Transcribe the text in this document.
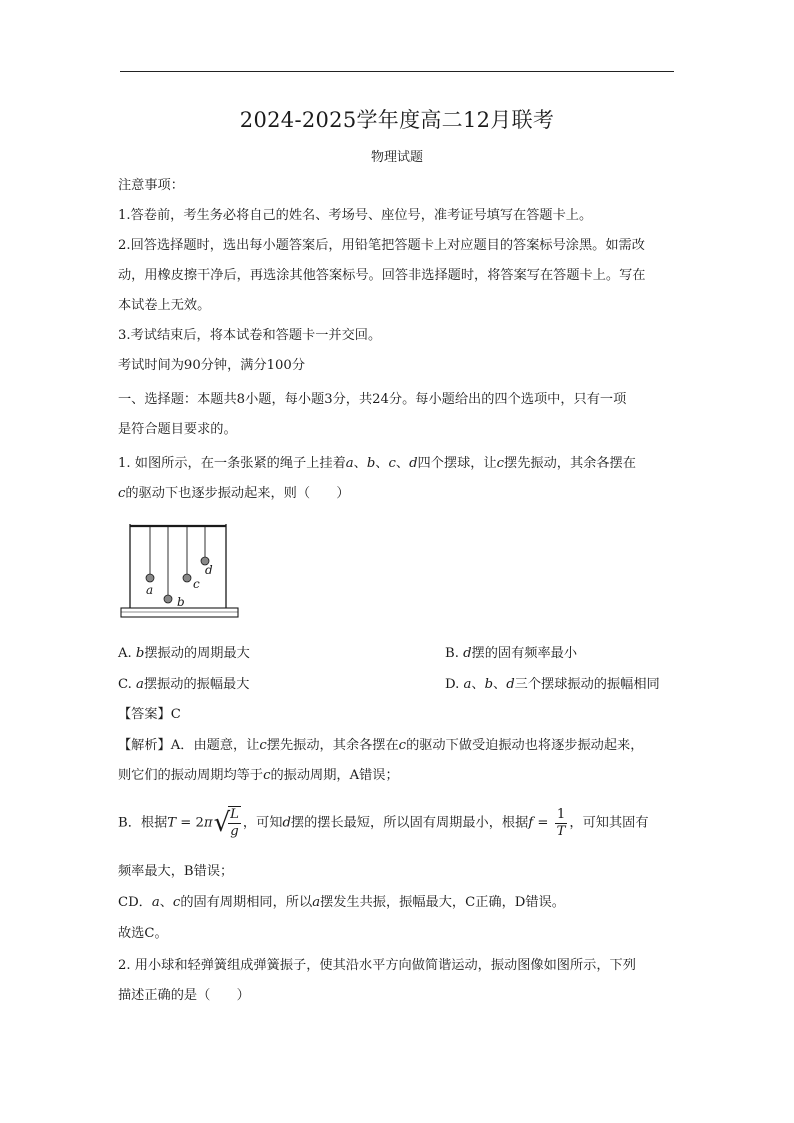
2024-2025学年度高二12月联考
物理试题
注意事项：
1.答卷前，考生务必将自己的姓名、考场号、座位号，准考证号填写在答题卡上。
2.回答选择题时，选出每小题答案后，用铅笔把答题卡上对应题目的答案标号涂黑。如需改
动，用橡皮擦干净后，再选涂其他答案标号。回答非选择题时，将答案写在答题卡上。写在
本试卷上无效。
3.考试结束后，将本试卷和答题卡一并交回。
考试时间为90分钟，满分100分
一、选择题：本题共8小题，每小题3分，共24分。每小题给出的四个选项中，只有一项
是符合题目要求的。
1. 如图所示，在一条张紧的绳子上挂着a、b、c、d四个摆球，让c摆先振动，其余各摆在
c的驱动下也逐步振动起来，则（　　）
a
b
c
d
A. b摆振动的周期最大	B. d摆的固有频率最小
C. a摆振动的振幅最大	D. a、b、d三个摆球振动的振幅相同
【答案】C
【解析】A．由题意，让c摆先振动，其余各摆在c的驱动下做受迫振动也将逐步振动起来，
则它们的振动周期均等于c的振动周期，A错误；
B．根据T = 2π√
$\frac{L}{g}$ ，可知d摆的摆长最短，所以固有周期最小，根据$f = \frac{1}{T}$ ，可知其固有
频率最大，B错误；
CD．a、c的固有周期相同，所以a摆发生共振，振幅最大，C正确，D错误。
故选C。
2. 用小球和轻弹簧组成弹簧振子，使其沿水平方向做简谐运动，振动图像如图所示，下列
描述正确的是（　　）
